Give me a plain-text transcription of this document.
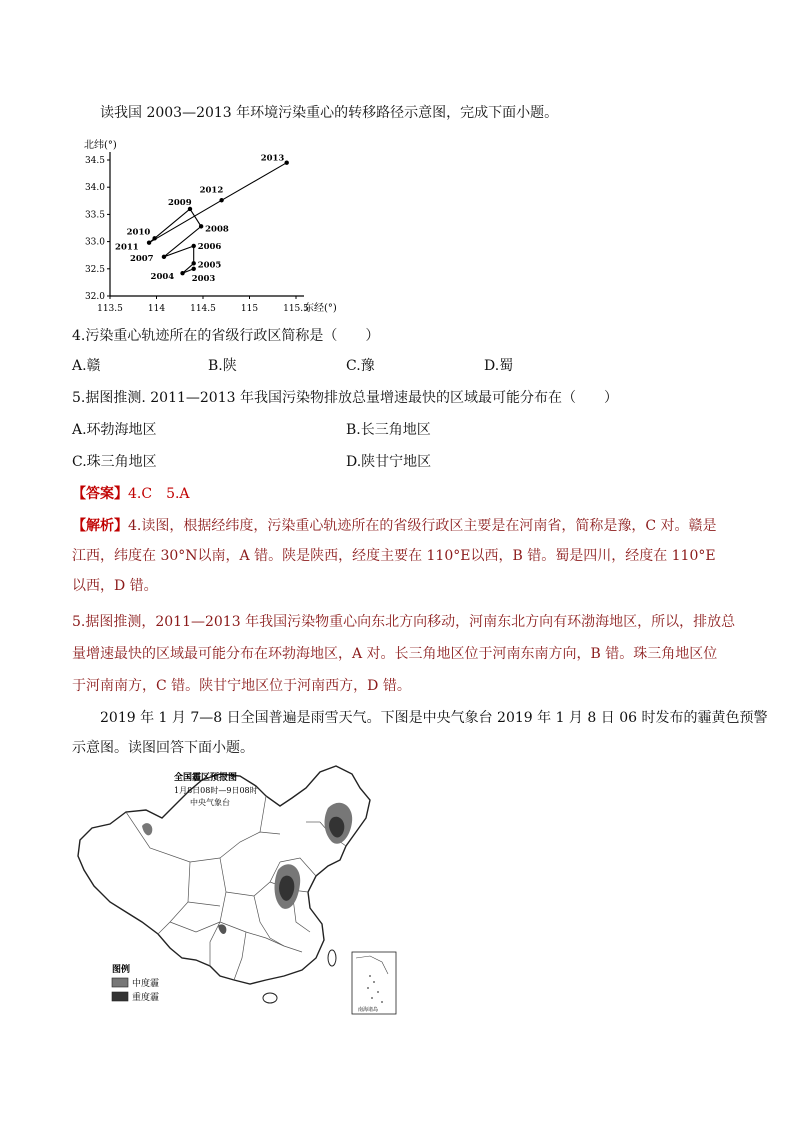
读我国 2003—2013 年环境污染重心的转移路径示意图，完成下面小题。
北纬(°)
34.5
34.0
33.5
33.0
32.5
32.0
113.5	114	114.5	115	115.5
东经(°)
2003
2004
2005
2006
2007
2008
2009
2010
2011
2012
2013
4.污染重心轨迹所在的省级行政区简称是（　　）
A.赣	B.陕	C.豫	D.蜀
5.据图推测. 2011—2013 年我国污染物排放总量增速最快的区域最可能分布在（　　）
A.环勃海地区	B.长三角地区
C.珠三角地区	D.陕甘宁地区
【答案】4.C　5.A
【解析】4.读图，根据经纬度，污染重心轨迹所在的省级行政区主要是在河南省，简称是豫，C 对。赣是
江西，纬度在 30°N以南，A 错。陕是陕西，经度主要在 110°E以西，B 错。蜀是四川，经度在 110°E
以西，D 错。
5.据图推测，2011—2013 年我国污染物重心向东北方向移动，河南东北方向有环渤海地区，所以，排放总
量增速最快的区域最可能分布在环勃海地区，A 对。长三角地区位于河南东南方向，B 错。珠三角地区位
于河南南方，C 错。陕甘宁地区位于河南西方，D 错。
2019 年 1 月 7—8 日全国普遍是雨雪天气。下图是中央气象台 2019 年 1 月 8 日 06 时发布的霾黄色预警
示意图。读图回答下面小题。
全国霾区预报图
1月8日08时—9日08时
中央气象台
图例
中度霾
重度霾
南海诸岛
